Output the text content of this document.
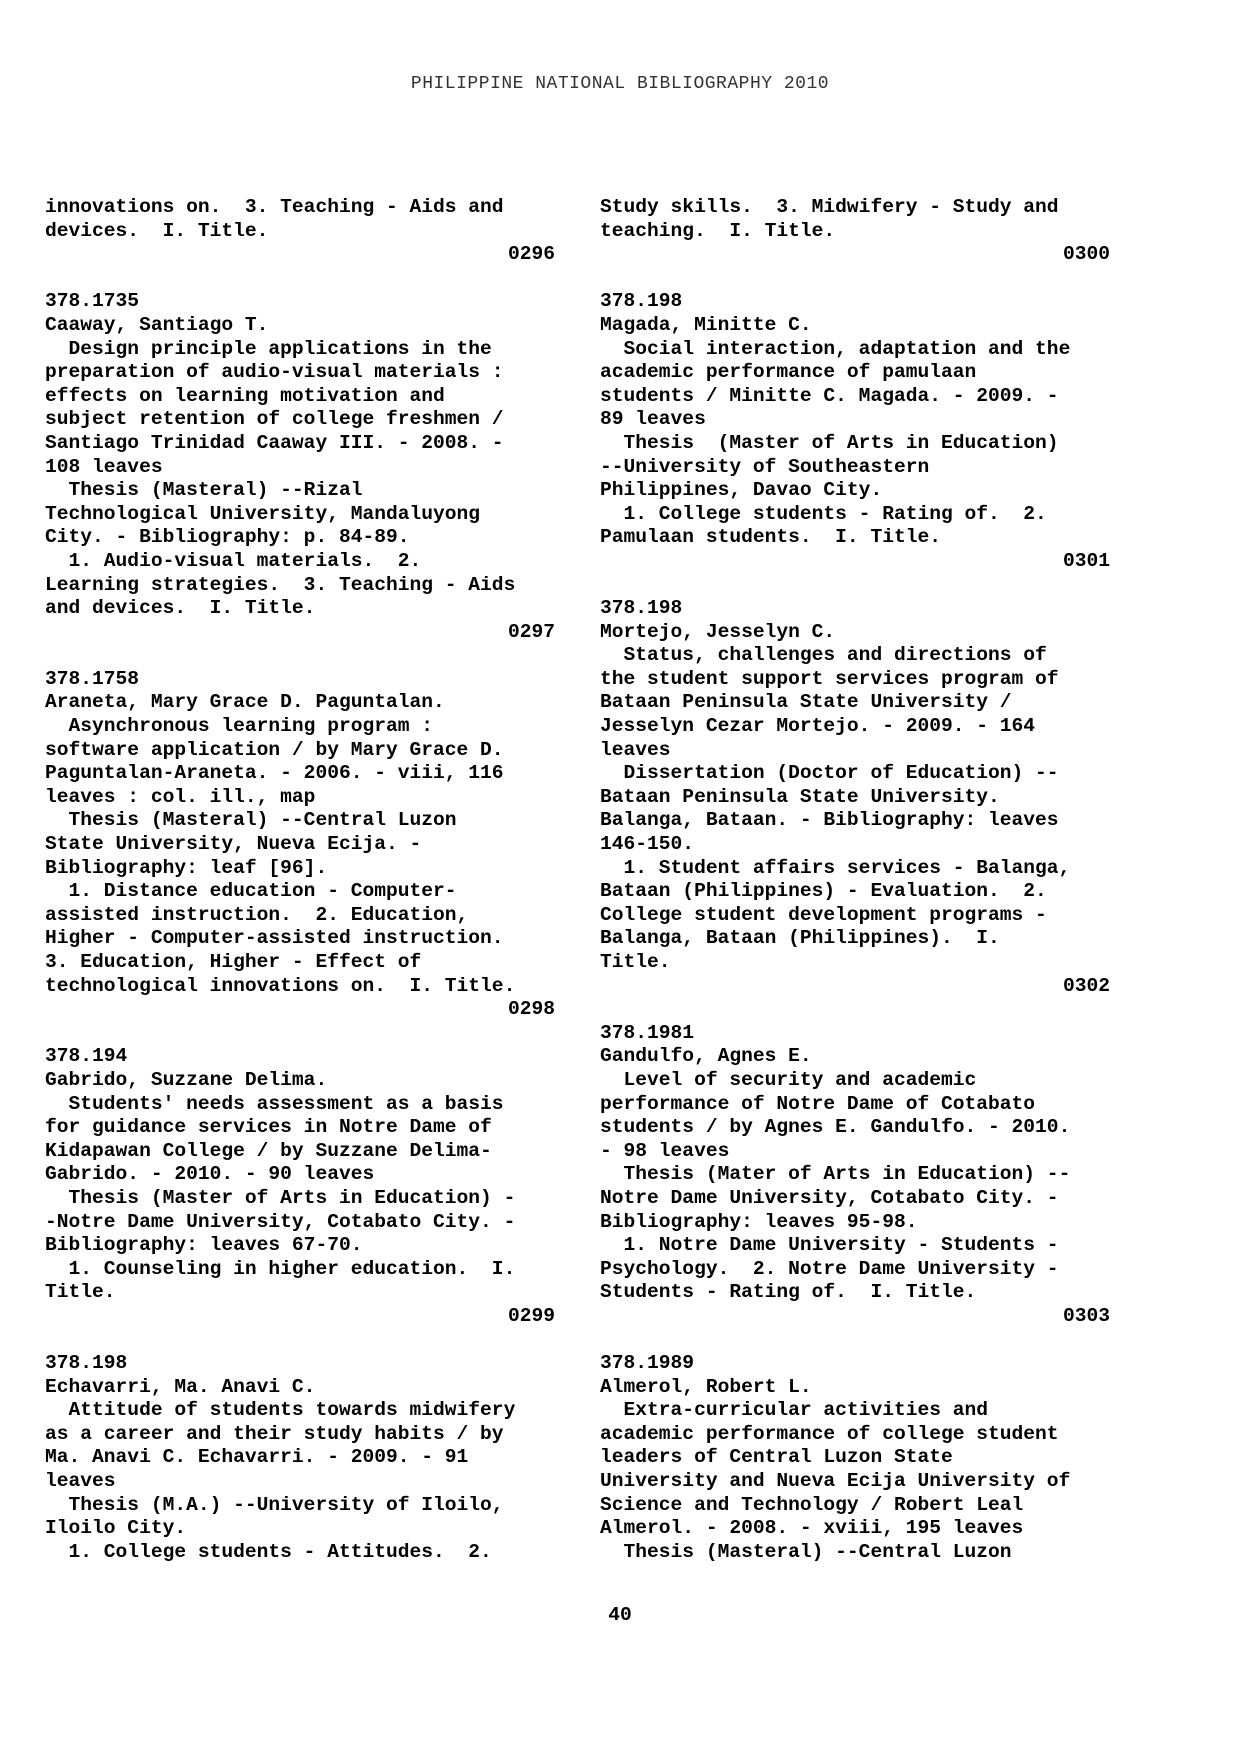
PHILIPPINE NATIONAL BIBLIOGRAPHY 2010
innovations on.  3. Teaching - Aids and
devices.  I. Title.
0296
378.1735
Caaway, Santiago T.
Design principle applications in the
preparation of audio-visual materials :
effects on learning motivation and
subject retention of college freshmen /
Santiago Trinidad Caaway III. - 2008. -
108 leaves
Thesis (Masteral) --Rizal
Technological University, Mandaluyong
City. - Bibliography: p. 84-89.
1. Audio-visual materials.  2.
Learning strategies.  3. Teaching - Aids
and devices.  I. Title.
0297
378.1758
Araneta, Mary Grace D. Paguntalan.
Asynchronous learning program :
software application / by Mary Grace D.
Paguntalan-Araneta. - 2006. - viii, 116
leaves : col. ill., map
Thesis (Masteral) --Central Luzon
State University, Nueva Ecija. -
Bibliography: leaf [96].
1. Distance education - Computer-
assisted instruction.  2. Education,
Higher - Computer-assisted instruction.
3. Education, Higher - Effect of
technological innovations on.  I. Title.
0298
378.194
Gabrido, Suzzane Delima.
Students' needs assessment as a basis
for guidance services in Notre Dame of
Kidapawan College / by Suzzane Delima-
Gabrido. - 2010. - 90 leaves
Thesis (Master of Arts in Education) -
-Notre Dame University, Cotabato City. -
Bibliography: leaves 67-70.
1. Counseling in higher education.  I.
Title.
0299
378.198
Echavarri, Ma. Anavi C.
Attitude of students towards midwifery
as a career and their study habits / by
Ma. Anavi C. Echavarri. - 2009. - 91
leaves
Thesis (M.A.) --University of Iloilo,
Iloilo City.
1. College students - Attitudes.  2.
Study skills.  3. Midwifery - Study and
teaching.  I. Title.
0300
378.198
Magada, Minitte C.
Social interaction, adaptation and the
academic performance of pamulaan
students / Minitte C. Magada. - 2009. -
89 leaves
Thesis  (Master of Arts in Education)
--University of Southeastern
Philippines, Davao City.
1. College students - Rating of.  2.
Pamulaan students.  I. Title.
0301
378.198
Mortejo, Jesselyn C.
Status, challenges and directions of
the student support services program of
Bataan Peninsula State University /
Jesselyn Cezar Mortejo. - 2009. - 164
leaves
Dissertation (Doctor of Education) --
Bataan Peninsula State University.
Balanga, Bataan. - Bibliography: leaves
146-150.
1. Student affairs services - Balanga,
Bataan (Philippines) - Evaluation.  2.
College student development programs -
Balanga, Bataan (Philippines).  I.
Title.
0302
378.1981
Gandulfo, Agnes E.
Level of security and academic
performance of Notre Dame of Cotabato
students / by Agnes E. Gandulfo. - 2010.
- 98 leaves
Thesis (Mater of Arts in Education) --
Notre Dame University, Cotabato City. -
Bibliography: leaves 95-98.
1. Notre Dame University - Students -
Psychology.  2. Notre Dame University -
Students - Rating of.  I. Title.
0303
378.1989
Almerol, Robert L.
Extra-curricular activities and
academic performance of college student
leaders of Central Luzon State
University and Nueva Ecija University of
Science and Technology / Robert Leal
Almerol. - 2008. - xviii, 195 leaves
Thesis (Masteral) --Central Luzon
40
